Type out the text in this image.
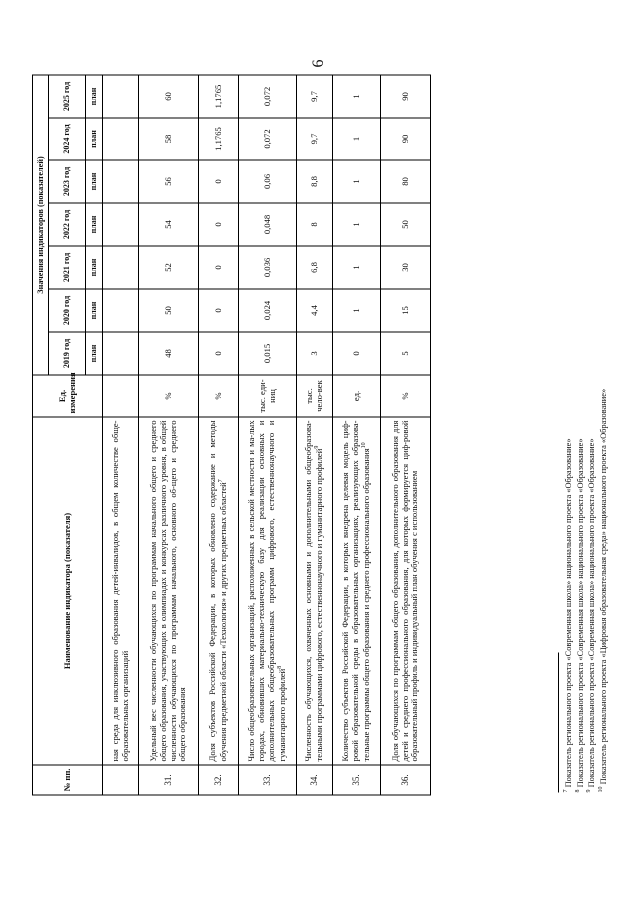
6
№ пп.	Наименование индикатора (показателя)	Ед. измерения	Значения индикаторов (показателей)						
			2019 год	2020 год	2021 год	2022 год	2023 год	2024 год	2025 год
			план	план	план	план	план	план	план
	ная среда для инклюзивного образования детей-инвалидов, в общем количестве обще-образовательных организаций								
31.	Удельный вес численности обучающихся по программам начального общего и среднего общего образования, участвующих в олимпиадах и конкурсах различного уровня, в общей численности обучающихся по программам начального, основного об-щего и среднего общего образования	%	48	50	52	54	56	58	60
32.	Доля субъектов Российской Федерации, в которых обновлено содержание и методы обучения предметной области «Технология» и других предметных областей$^7$	%	0	0	0	0	0	1,1765	1,1765
33.	Число общеобразовательных организаций, расположенных в сельской местности и ма-лых городах, обновивших материально-техническую базу для реализации основных и дополнительных общеобразовательных программ цифрового, естественнонаучного и гуманитарного профилей$^8$	тыс. еди-ниц	0,015	0,024	0,036	0,048	0,06	0,072	0,072
34.	Численность обучающихся, охваченных основными и дополнительными общеобразова-тельными программами цифрового, естественнонаучного и гуманитарного профилей$^9$	тыс. чело-век	3	4,4	6,8	8	8,8	9,7	9,7
35.	Количество субъектов Российской Федерации, в которых внедрена целевая модель циф-ровой образовательной среды в образовательных организациях, реализующих образова-тельные программы общего образования и среднего профессионального образования$^{10}$	ед.	0	1	1	1	1	1	1
36.	Доля обучающихся по программам общего образования, дополнительного образования для детей и среднего профессионального образования, для которых формируется циф-ровой образовательный профиль и индивидуальный план обучения с использованием	%	5	15	30	50	80	90	90
$^7$ Показатель регионального проекта «Современная школа» национального проекта «Образование»
$^8$ Показатель регионального проекта «Современная школа» национального проекта «Образование»
$^9$ Показатель регионального проекта «Современная школа» национального проекта «Образование»
$^{10}$ Показатель регионального проекта «Цифровая образовательная среда» национального проекта «Образование»
